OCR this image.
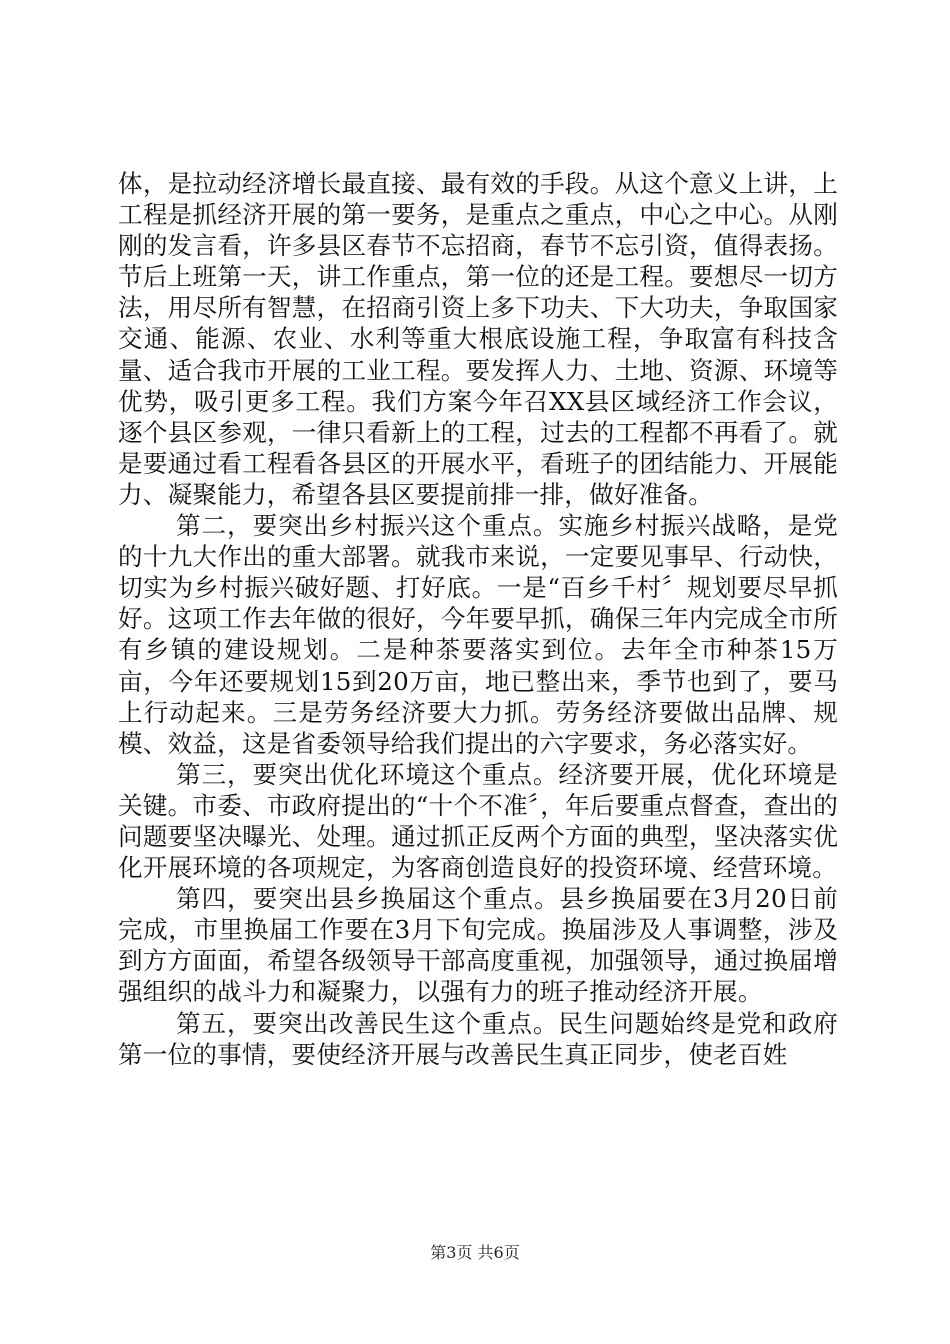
体，是拉动经济增长最直接、最有效的手段。从这个意义上讲，上工程是抓经济开展的第一要务，是重点之重点，中心之中心。从刚刚的发言看，许多县区春节不忘招商，春节不忘引资，值得表扬。节后上班第一天，讲工作重点，第一位的还是工程。要想尽一切方法，用尽所有智慧，在招商引资上多下功夫、下大功夫，争取国家交通、能源、农业、水利等重大根底设施工程，争取富有科技含量、适合我市开展的工业工程。要发挥人力、土地、资源、环境等优势，吸引更多工程。我们方案今年召XX县区域经济工作会议，逐个县区参观，一律只看新上的工程，过去的工程都不再看了。就是要通过看工程看各县区的开展水平，看班子的团结能力、开展能力、凝聚能力，希望各县区要提前排一排，做好准备。

第二，要突出乡村振兴这个重点。实施乡村振兴战略，是党的十九大作出的重大部署。就我市来说，一定要见事早、行动快，切实为乡村振兴破好题、打好底。一是“百乡千村〞规划要尽早抓好。这项工作去年做的很好，今年要早抓，确保三年内完成全市所有乡镇的建设规划。二是种茶要落实到位。去年全市种茶15万亩，今年还要规划15到20万亩，地已整出来，季节也到了，要马上行动起来。三是劳务经济要大力抓。劳务经济要做出品牌、规模、效益，这是省委领导给我们提出的六字要求，务必落实好。

第三，要突出优化环境这个重点。经济要开展，优化环境是关键。市委、市政府提出的“十个不准〞，年后要重点督查，查出的问题要坚决曝光、处理。通过抓正反两个方面的典型，坚决落实优化开展环境的各项规定，为客商创造良好的投资环境、经营环境。

第四，要突出县乡换届这个重点。县乡换届要在3月20日前完成，市里换届工作要在3月下旬完成。换届涉及人事调整，涉及到方方面面，希望各级领导干部高度重视，加强领导，通过换届增强组织的战斗力和凝聚力，以强有力的班子推动经济开展。

第五，要突出改善民生这个重点。民生问题始终是党和政府第一位的事情，要使经济开展与改善民生真正同步，使老百姓

第3页 共6页
